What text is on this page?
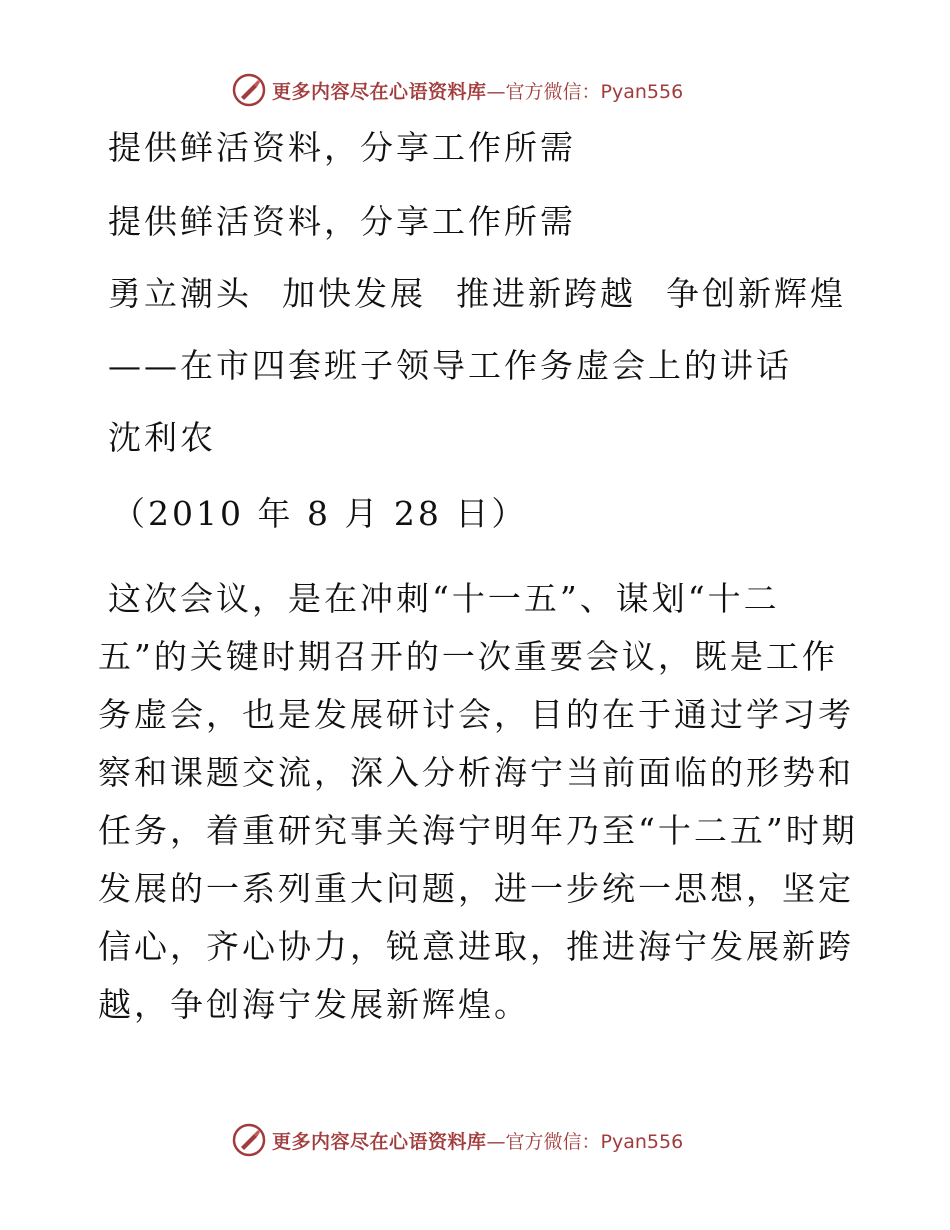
更多内容尽在心语资料库 —官方微信：Pyan556
提供鲜活资料，分享工作所需
提供鲜活资料，分享工作所需
勇立潮头 加快发展 推进新跨越 争创新辉煌
——在市四套班子领导工作务虚会上的讲话
沈利农
（2010 年 8 月 28 日）

这次会议，是在冲刺“十一五”、谋划“十二五”的关键时期召开的一次重要会议，既是工作务虚会，也是发展研讨会，目的在于通过学习考察和课题交流，深入分析海宁当前面临的形势和任务，着重研究事关海宁明年乃至“十二五”时期发展的一系列重大问题，进一步统一思想，坚定信心，齐心协力，锐意进取，推进海宁发展新跨越，争创海宁发展新辉煌。

更多内容尽在心语资料库 —官方微信：Pyan556
